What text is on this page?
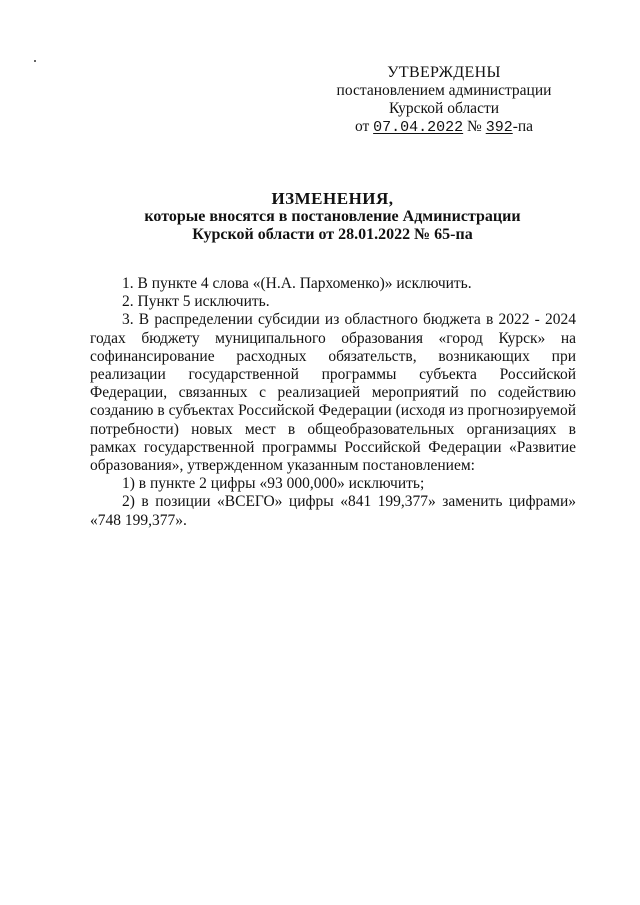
УТВЕРЖДЕНЫ
постановлением администрации
Курской области
от 07.04.2022 № 392-па
ИЗМЕНЕНИЯ,
которые вносятся в постановление Администрации
Курской области от 28.01.2022 № 65-па

1. В пункте 4 слова «(Н.А. Пархоменко)» исключить.

2. Пункт 5 исключить.

3. В распределении субсидии из областного бюджета в 2022 - 2024 годах бюджету муниципального образования «город Курск» на софинансирование расходных обязательств, возникающих при реализации государственной программы субъекта Российской Федерации, связанных с реализацией мероприятий по содействию созданию в субъектах Российской Федерации (исходя из прогнозируемой потребности) новых мест в общеобразовательных организациях в рамках государственной программы Российской Федерации «Развитие образования», утвержденном указанным постановлением:

1) в пункте 2 цифры «93 000,000» исключить;

2) в позиции «ВСЕГО» цифры «841 199,377» заменить цифрами» «748 199,377».
